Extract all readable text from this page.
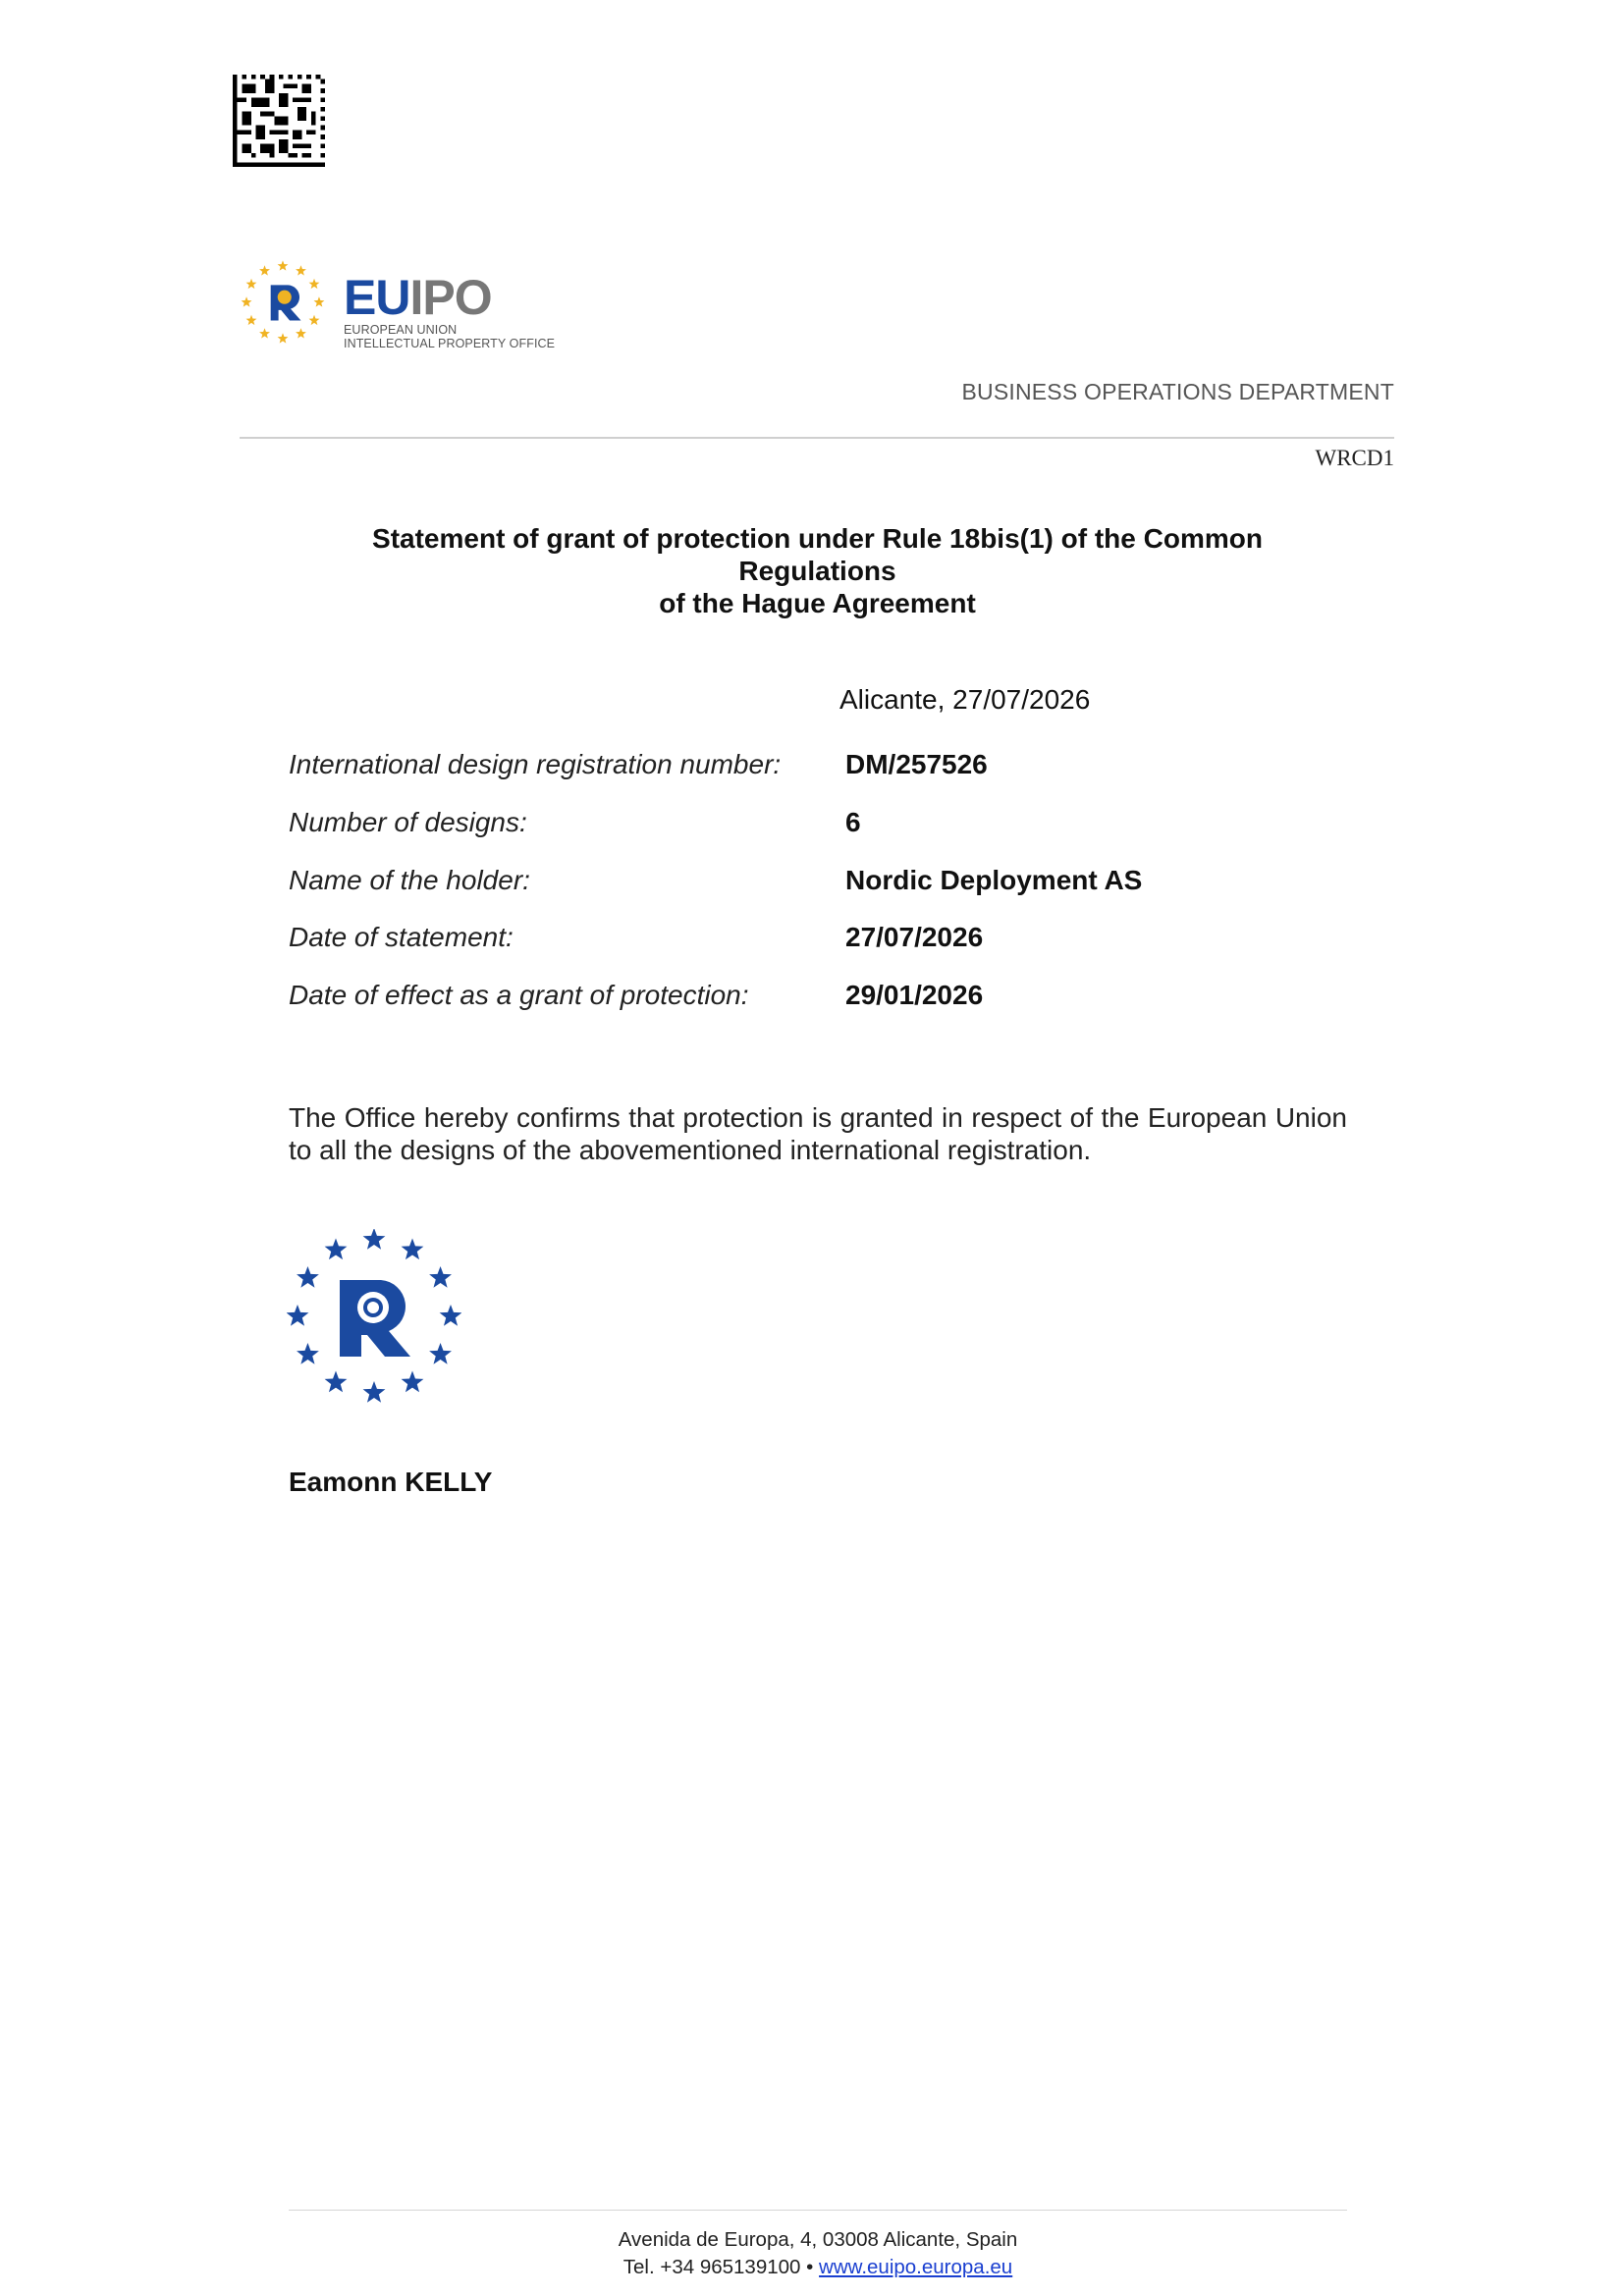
EUIPO
EUROPEAN UNION
INTELLECTUAL PROPERTY OFFICE
BUSINESS OPERATIONS DEPARTMENT
WRCD1
Statement of grant of protection under Rule 18bis(1) of the Common
Regulations
of the Hague Agreement
Alicante, 27/07/2026
International design registration number: DM/257526
Number of designs:	6
Name of the holder:	Nordic Deployment AS
Date of statement:	27/07/2026
Date of effect as a grant of protection:	29/01/2026
The Office hereby confirms that protection is granted in respect of the European Union to all the designs of the abovementioned international registration.
Eamonn KELLY
Avenida de Europa, 4, 03008 Alicante, Spain
Tel. +34 965139100 • www.euipo.europa.eu
